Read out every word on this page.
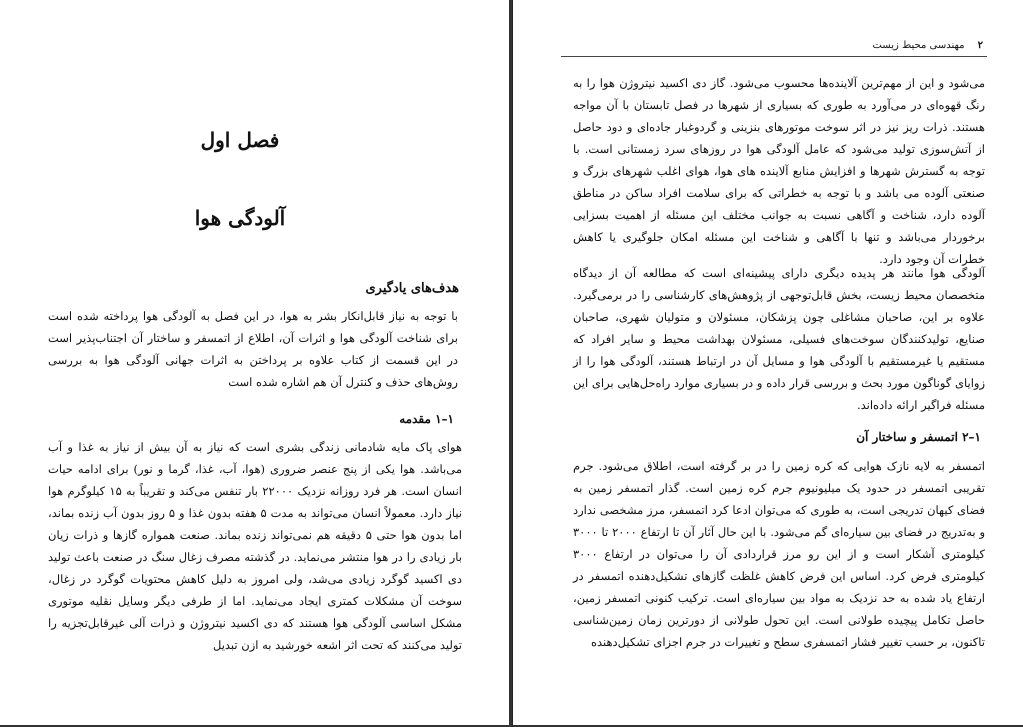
فصل اول
آلودگی هوا
هدف‌های یادگیری

با توجه به نیاز قابل‌انکار بشر به هوا، در این فصل به آلودگی هوا پرداخته شده است برای شناخت آلودگی هوا و اثرات آن، اطلاع از اتمسفر و ساختار آن اجتناب‌پذیر است در این قسمت از کتاب علاوه بر پرداختن به اثرات جهانی آلودگی هوا به بررسی روش‌های حذف و کنترل آن هم اشاره شده است

۱–۱ مقدمه

هوای پاک مایه شادمانی زندگی بشری است که نیاز به آن بیش از نیاز به غذا و آب می‌باشد. هوا یکی از پنج عنصر ضروری (هوا، آب، غذا، گرما و نور) برای ادامه حیات انسان است. هر فرد روزانه نزدیک ۲۲۰۰۰ بار تنفس می‌کند و تقریباً به ۱۵ کیلوگرم هوا نیاز دارد. معمولاً انسان می‌تواند به مدت ۵ هفته بدون غذا و ۵ روز بدون آب زنده بماند، اما بدون هوا حتی ۵ دقیقه هم نمی‌تواند زنده بماند. صنعت همواره گازها و ذرات زیان بار زیادی را در هوا منتشر می‌نماید. در گذشته مصرف زغال سنگ در صنعت باعث تولید دی اکسید گوگرد زیادی می‌شد، ولی امروز به دلیل کاهش محتویات گوگرد در زغال، سوخت آن مشکلات کمتری ایجاد می‌نماید. اما از طرفی دیگر وسایل نقلیه موتوری مشکل اساسی آلودگی هوا هستند که دی اکسید نیتروژن و ذرات آلی غیرقابل‌تجزیه را تولید می‌کنند که تحت اثر اشعه خورشید به ازن تبدیل

۲ مهندسی محیط زیست

می‌شود و این از مهم‌ترین آلاینده‌ها محسوب می‌شود. گاز دی اکسید نیتروژن هوا را به رنگ قهوه‌ای در می‌آورد به طوری که بسیاری از شهرها در فصل تابستان با آن مواجه هستند. ذرات ریز نیز در اثر سوخت موتورهای بنزینی و گردوغبار جاده‌ای و دود حاصل از آتش‌سوزی تولید می‌شود که عامل آلودگی هوا در روزهای سرد زمستانی است. با توجه به گسترش شهرها و افزایش منابع آلاینده های هوا، هوای اغلب شهرهای بزرگ و صنعتی آلوده می باشد و با توجه به خطراتی که برای سلامت افراد ساکن در مناطق آلوده دارد، شناخت و آگاهی نسبت به جوانب مختلف این مسئله از اهمیت بسزایی برخوردار می‌باشد و تنها با آگاهی و شناخت این مسئله امکان جلوگیری یا کاهش خطرات آن وجود دارد.

آلودگی هوا مانند هر پدیده دیگری دارای پیشینه‌ای است که مطالعه آن از دیدگاه متخصصان محیط زیست، بخش قابل‌توجهی از پژوهش‌های کارشناسی را در برمی‌گیرد. علاوه بر این، صاحبان مشاغلی چون پزشکان، مسئولان و متولیان شهری، صاحبان صنایع، تولیدکنندگان سوخت‌های فسیلی، مسئولان بهداشت محیط و سایر افراد که مستقیم یا غیرمستقیم با آلودگی هوا و مسایل آن در ارتباط هستند، آلودگی هوا را از زوایای گوناگون مورد بحث و بررسی قرار داده و در بسیاری موارد راه‌حل‌هایی برای این مسئله فراگیر ارائه داده‌اند.

۱–۲ اتمسفر و ساختار آن

اتمسفر به لایه نازک هوایی که کره زمین را در بر گرفته است، اطلاق می‌شود. جرم تقریبی اتمسفر در حدود یک میلیونیوم جرم کره زمین است. گذار اتمسفر زمین به فضای کیهان تدریجی است، به طوری که می‌توان ادعا کرد اتمسفر، مرز مشخصی ندارد و به‌تدریج در فضای بین سیاره‌ای گم می‌شود. با این حال آثار آن تا ارتفاع ۲۰۰۰ تا ۳۰۰۰ کیلومتری آشکار است و از این رو مرز قراردادی آن را می‌توان در ارتفاع ۳۰۰۰ کیلومتری فرض کرد. اساس این فرض کاهش غلظت گازهای تشکیل‌دهنده اتمسفر در ارتفاع یاد شده به حد نزدیک به مواد بین سیاره‌ای است. ترکیب کنونی اتمسفر زمین، حاصل تکامل پیچیده طولانی است. این تحول طولانی از دورترین زمان زمین‌شناسی تاکنون، بر حسب تغییر فشار اتمسفری سطح و تغییرات در جرم اجزای تشکیل‌دهنده
